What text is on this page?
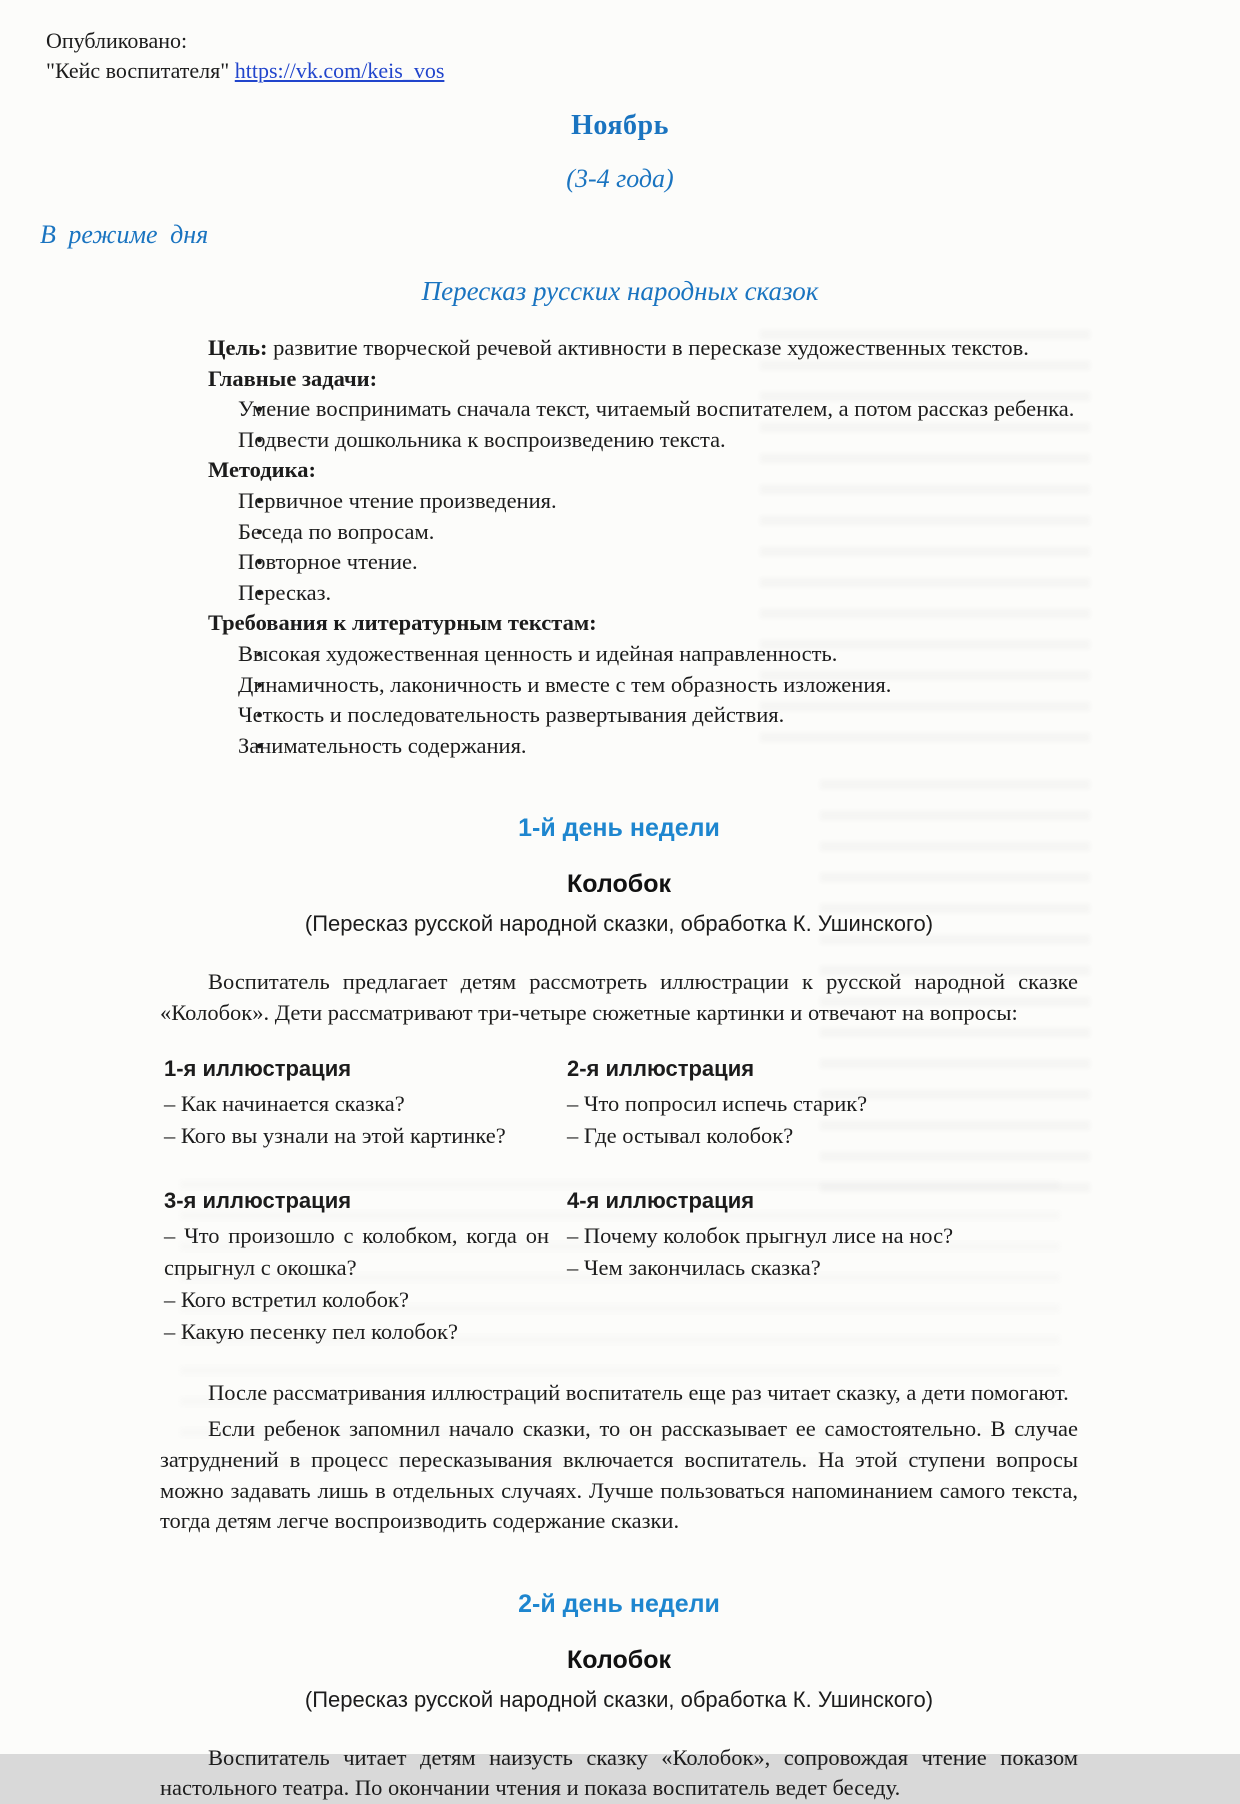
Опубликовано:
"Кейс воспитателя" https://vk.com/keis_vos
Ноябрь
(3-4 года)
В режиме дня
Пересказ русских народных сказок

Цель: развитие творческой речевой активности в пересказе художественных текстов.

Главные задачи:

• Умение воспринимать сначала текст, читаемый воспитателем, а потом рассказ ребенка.

• Подвести дошкольника к воспроизведению текста.

Методика:

• Первичное чтение произведения.

• Беседа по вопросам.

• Повторное чтение.

• Пересказ.

Требования к литературным текстам:

• Высокая художественная ценность и идейная направленность.

• Динамичность, лаконичность и вместе с тем образность изложения.

• Четкость и последовательность развертывания действия.

• Занимательность содержания.

1-й день недели
Колобок

(Пересказ русской народной сказки, обработка К. Ушинского)

Воспитатель предлагает детям рассмотреть иллюстрации к русской народной сказке «Колобок». Дети рассматривают три-четыре сюжетные картинки и отвечают на вопросы:

1-я иллюстрация

– Как начинается сказка?

– Кого вы узнали на этой картинке?

2-я иллюстрация

– Что попросил испечь старик?

– Где остывал колобок?

3-я иллюстрация

– Что произошло с колобком, когда он спрыгнул с окошка?

– Кого встретил колобок?

– Какую песенку пел колобок?

4-я иллюстрация

– Почему колобок прыгнул лисе на нос?

– Чем закончилась сказка?

После рассматривания иллюстраций воспитатель еще раз читает сказку, а дети помогают.

Если ребенок запомнил начало сказки, то он рассказывает ее самостоятельно. В случае затруднений в процесс пересказывания включается воспитатель. На этой ступени вопросы можно задавать лишь в отдельных случаях. Лучше пользоваться напоминанием самого текста, тогда детям легче воспроизводить содержание сказки.

2-й день недели
Колобок

(Пересказ русской народной сказки, обработка К. Ушинского)

Воспитатель читает детям наизусть сказку «Колобок», сопровождая чтение показом настольного театра. По окончании чтения и показа воспитатель ведет беседу.
